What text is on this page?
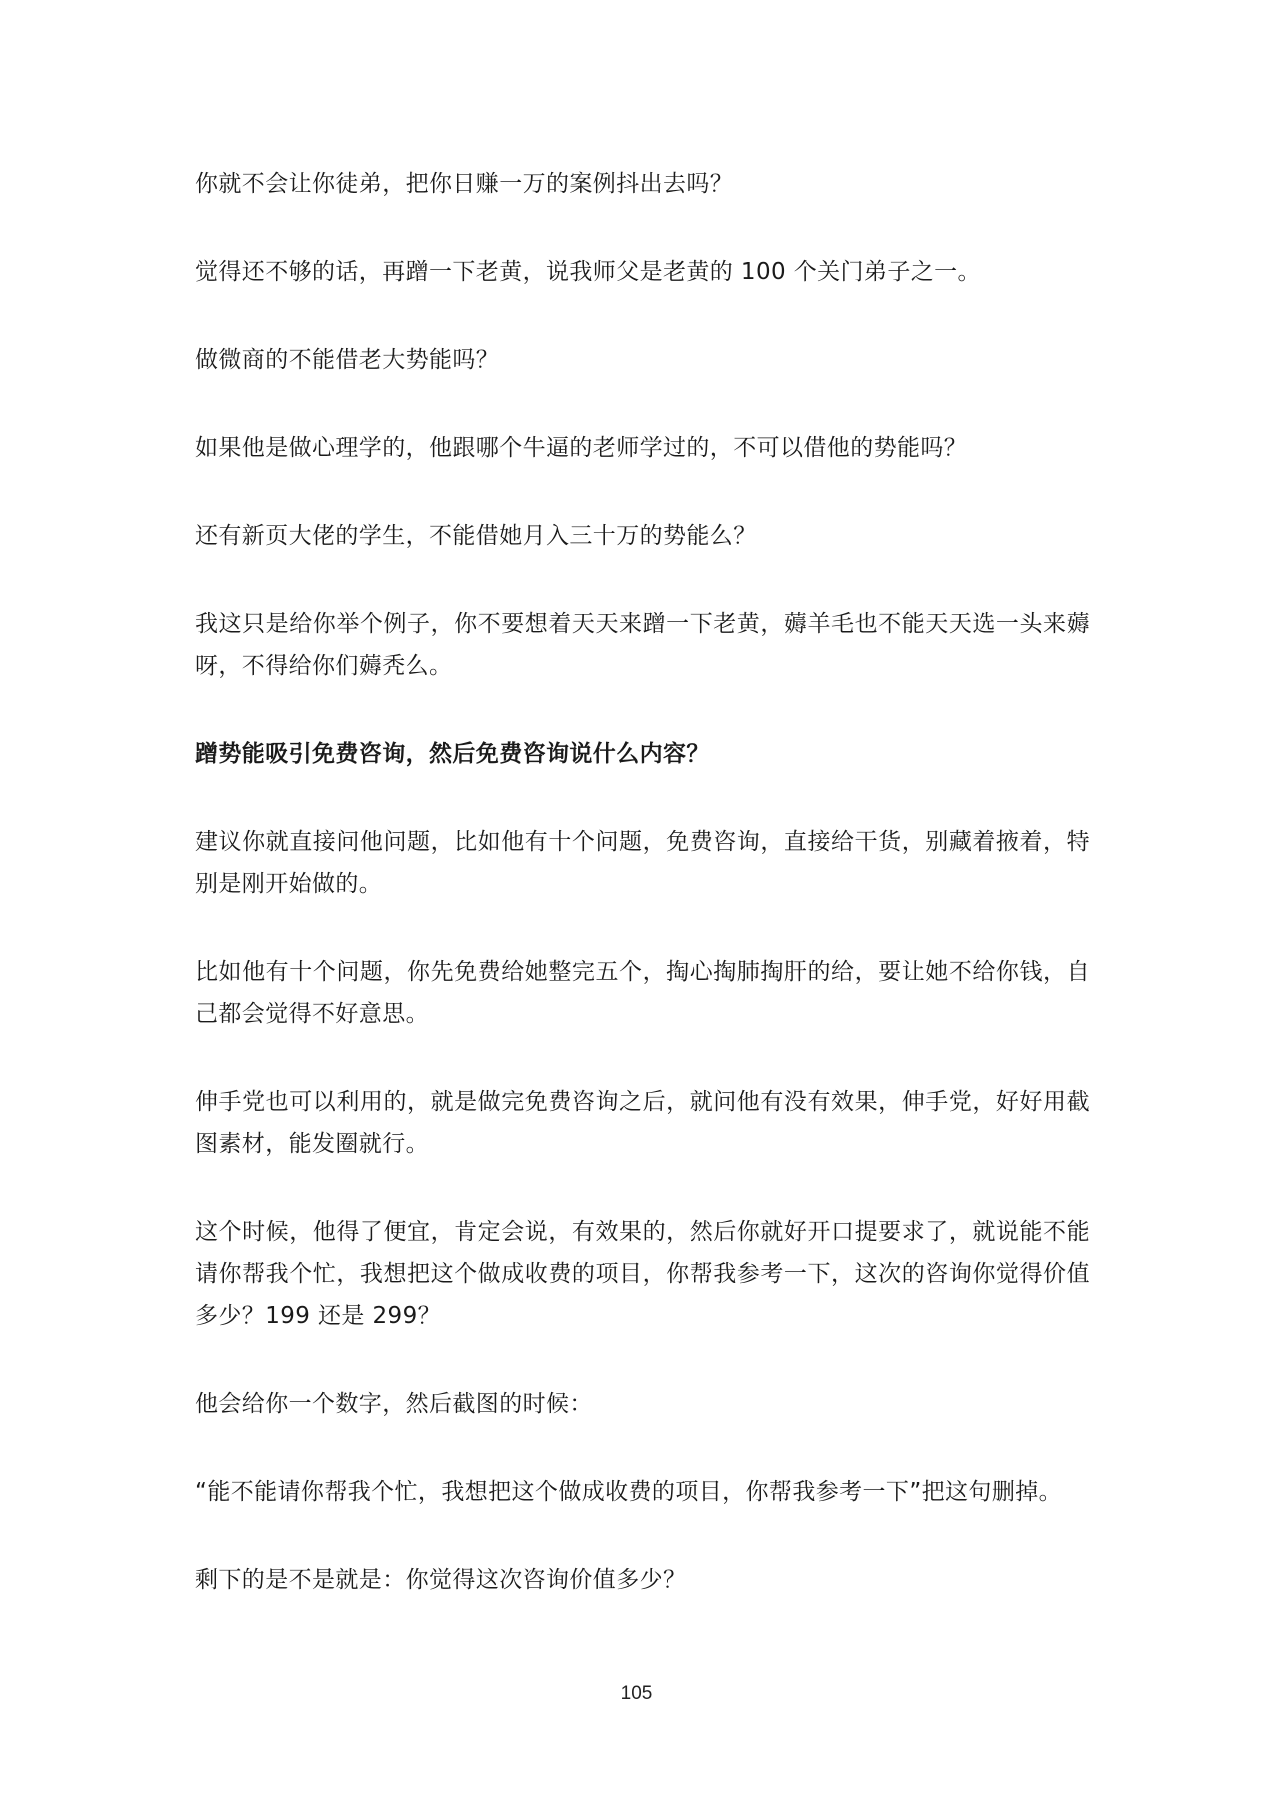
你就不会让你徒弟，把你日赚一万的案例抖出去吗？

觉得还不够的话，再蹭一下老黄，说我师父是老黄的 100 个关门弟子之一。

做微商的不能借老大势能吗？

如果他是做心理学的，他跟哪个牛逼的老师学过的，不可以借他的势能吗？

还有新页大佬的学生，不能借她月入三十万的势能么？

我这只是给你举个例子，你不要想着天天来蹭一下老黄，薅羊毛也不能天天选一头来薅呀，不得给你们薅秃么。

蹭势能吸引免费咨询，然后免费咨询说什么内容？

建议你就直接问他问题，比如他有十个问题，免费咨询，直接给干货，别藏着掖着，特别是刚开始做的。

比如他有十个问题，你先免费给她整完五个，掏心掏肺掏肝的给，要让她不给你钱，自己都会觉得不好意思。

伸手党也可以利用的，就是做完免费咨询之后，就问他有没有效果，伸手党，好好用截图素材，能发圈就行。

这个时候，他得了便宜，肯定会说，有效果的，然后你就好开口提要求了，就说能不能请你帮我个忙，我想把这个做成收费的项目，你帮我参考一下，这次的咨询你觉得价值多少？199 还是 299？

他会给你一个数字，然后截图的时候：

“能不能请你帮我个忙，我想把这个做成收费的项目，你帮我参考一下”把这句删掉。

剩下的是不是就是：你觉得这次咨询价值多少？

105
